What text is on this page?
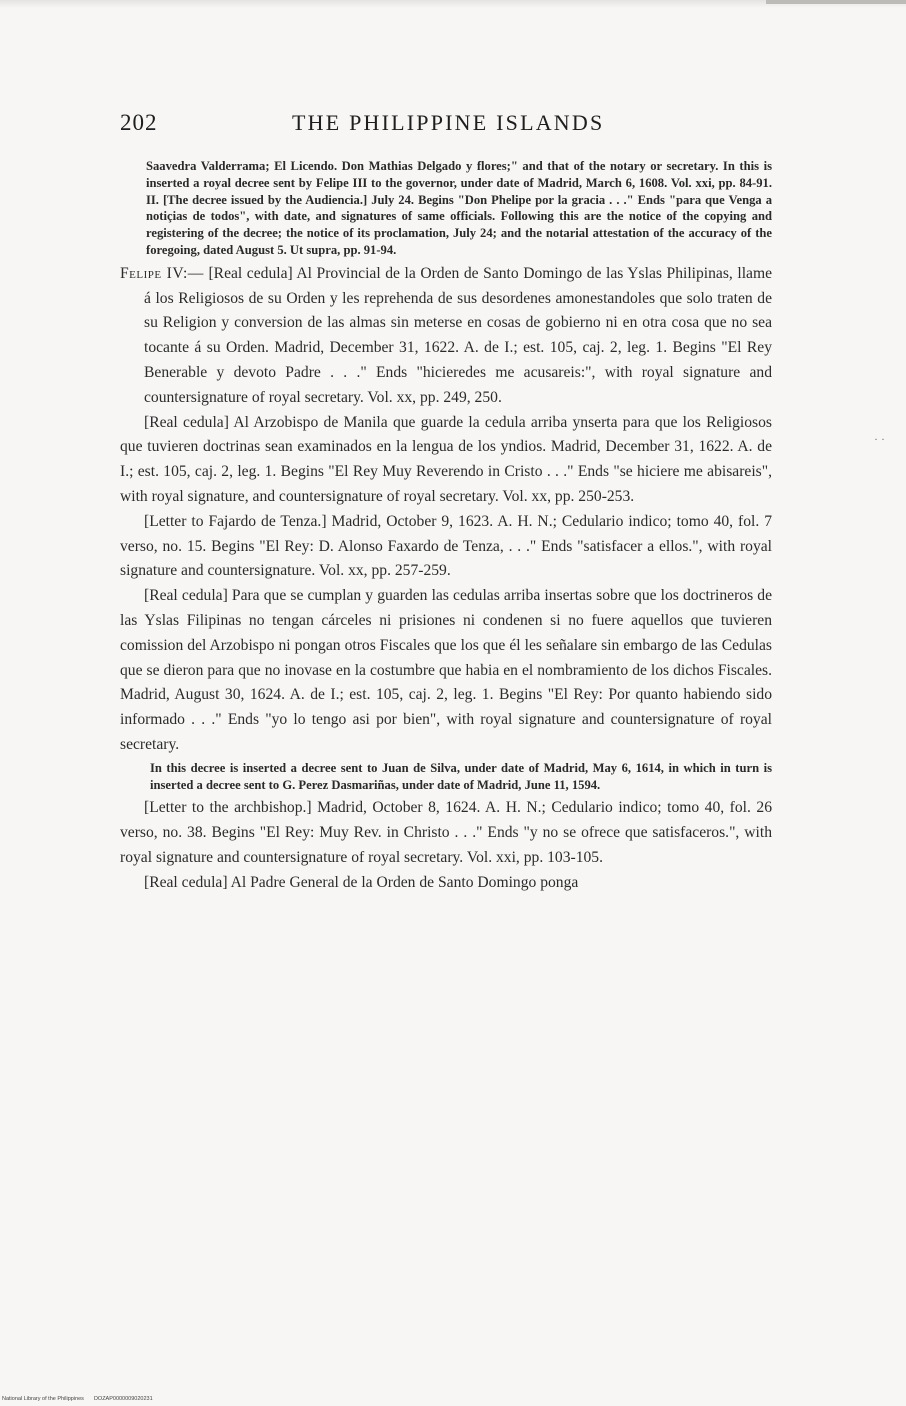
202	THE PHILIPPINE ISLANDS

Saavedra Valderrama; El Licendo. Don Mathias Delgado y flores;" and that of the notary or secretary. In this is inserted a royal decree sent by Felipe III to the governor, under date of Madrid, March 6, 1608. Vol. xxi, pp. 84-91. II. [The decree issued by the Audiencia.] July 24. Begins "Don Phelipe por la gracia . . ." Ends "para que Venga a notiçias de todos", with date, and signatures of same officials. Following this are the notice of the copying and registering of the decree; the notice of its proclamation, July 24; and the notarial attestation of the accuracy of the foregoing, dated August 5. Ut supra, pp. 91-94.

Felipe IV:— [Real cedula] Al Provincial de la Orden de Santo Domingo de las Yslas Philipinas, llame á los Religiosos de su Orden y les reprehenda de sus desordenes amonestandoles que solo traten de su Religion y conversion de las almas sin meterse en cosas de gobierno ni en otra cosa que no sea tocante á su Orden. Madrid, December 31, 1622. A. de I.; est. 105, caj. 2, leg. 1. Begins "El Rey Benerable y devoto Padre . . ." Ends "hicieredes me acusareis:", with royal signature and countersignature of royal secretary. Vol. xx, pp. 249, 250.

[Real cedula] Al Arzobispo de Manila que guarde la cedula arriba ynserta para que los Religiosos que tuvieren doctrinas sean examinados en la lengua de los yndios. Madrid, December 31, 1622. A. de I.; est. 105, caj. 2, leg. 1. Begins "El Rey Muy Reverendo in Cristo . . ." Ends "se hiciere me abisareis", with royal signature, and countersignature of royal secretary. Vol. xx, pp. 250-253.

[Letter to Fajardo de Tenza.] Madrid, October 9, 1623. A. H. N.; Cedulario indico; tomo 40, fol. 7 verso, no. 15. Begins "El Rey: D. Alonso Faxardo de Tenza, . . ." Ends "satisfacer a ellos.", with royal signature and countersignature. Vol. xx, pp. 257-259.

[Real cedula] Para que se cumplan y guarden las cedulas arriba insertas sobre que los doctrineros de las Yslas Filipinas no tengan cárceles ni prisiones ni condenen si no fuere aquellos que tuvieren comission del Arzobispo ni pongan otros Fiscales que los que él les señalare sin embargo de las Cedulas que se dieron para que no inovase en la costumbre que habia en el nombramiento de los dichos Fiscales. Madrid, August 30, 1624. A. de I.; est. 105, caj. 2, leg. 1. Begins "El Rey: Por quanto habiendo sido informado . . ." Ends "yo lo tengo asi por bien", with royal signature and countersignature of royal secretary.

In this decree is inserted a decree sent to Juan de Silva, under date of Madrid, May 6, 1614, in which in turn is inserted a decree sent to G. Perez Dasmariñas, under date of Madrid, June 11, 1594.

[Letter to the archbishop.] Madrid, October 8, 1624. A. H. N.; Cedulario indico; tomo 40, fol. 26 verso, no. 38. Begins "El Rey: Muy Rev. in Christo . . ." Ends "y no se ofrece que satisfaceros.", with royal signature and countersignature of royal secretary. Vol. xxi, pp. 103-105.

[Real cedula] Al Padre General de la Orden de Santo Domingo ponga

· ·
National Library of the Philippines DOZAP0000009020231
